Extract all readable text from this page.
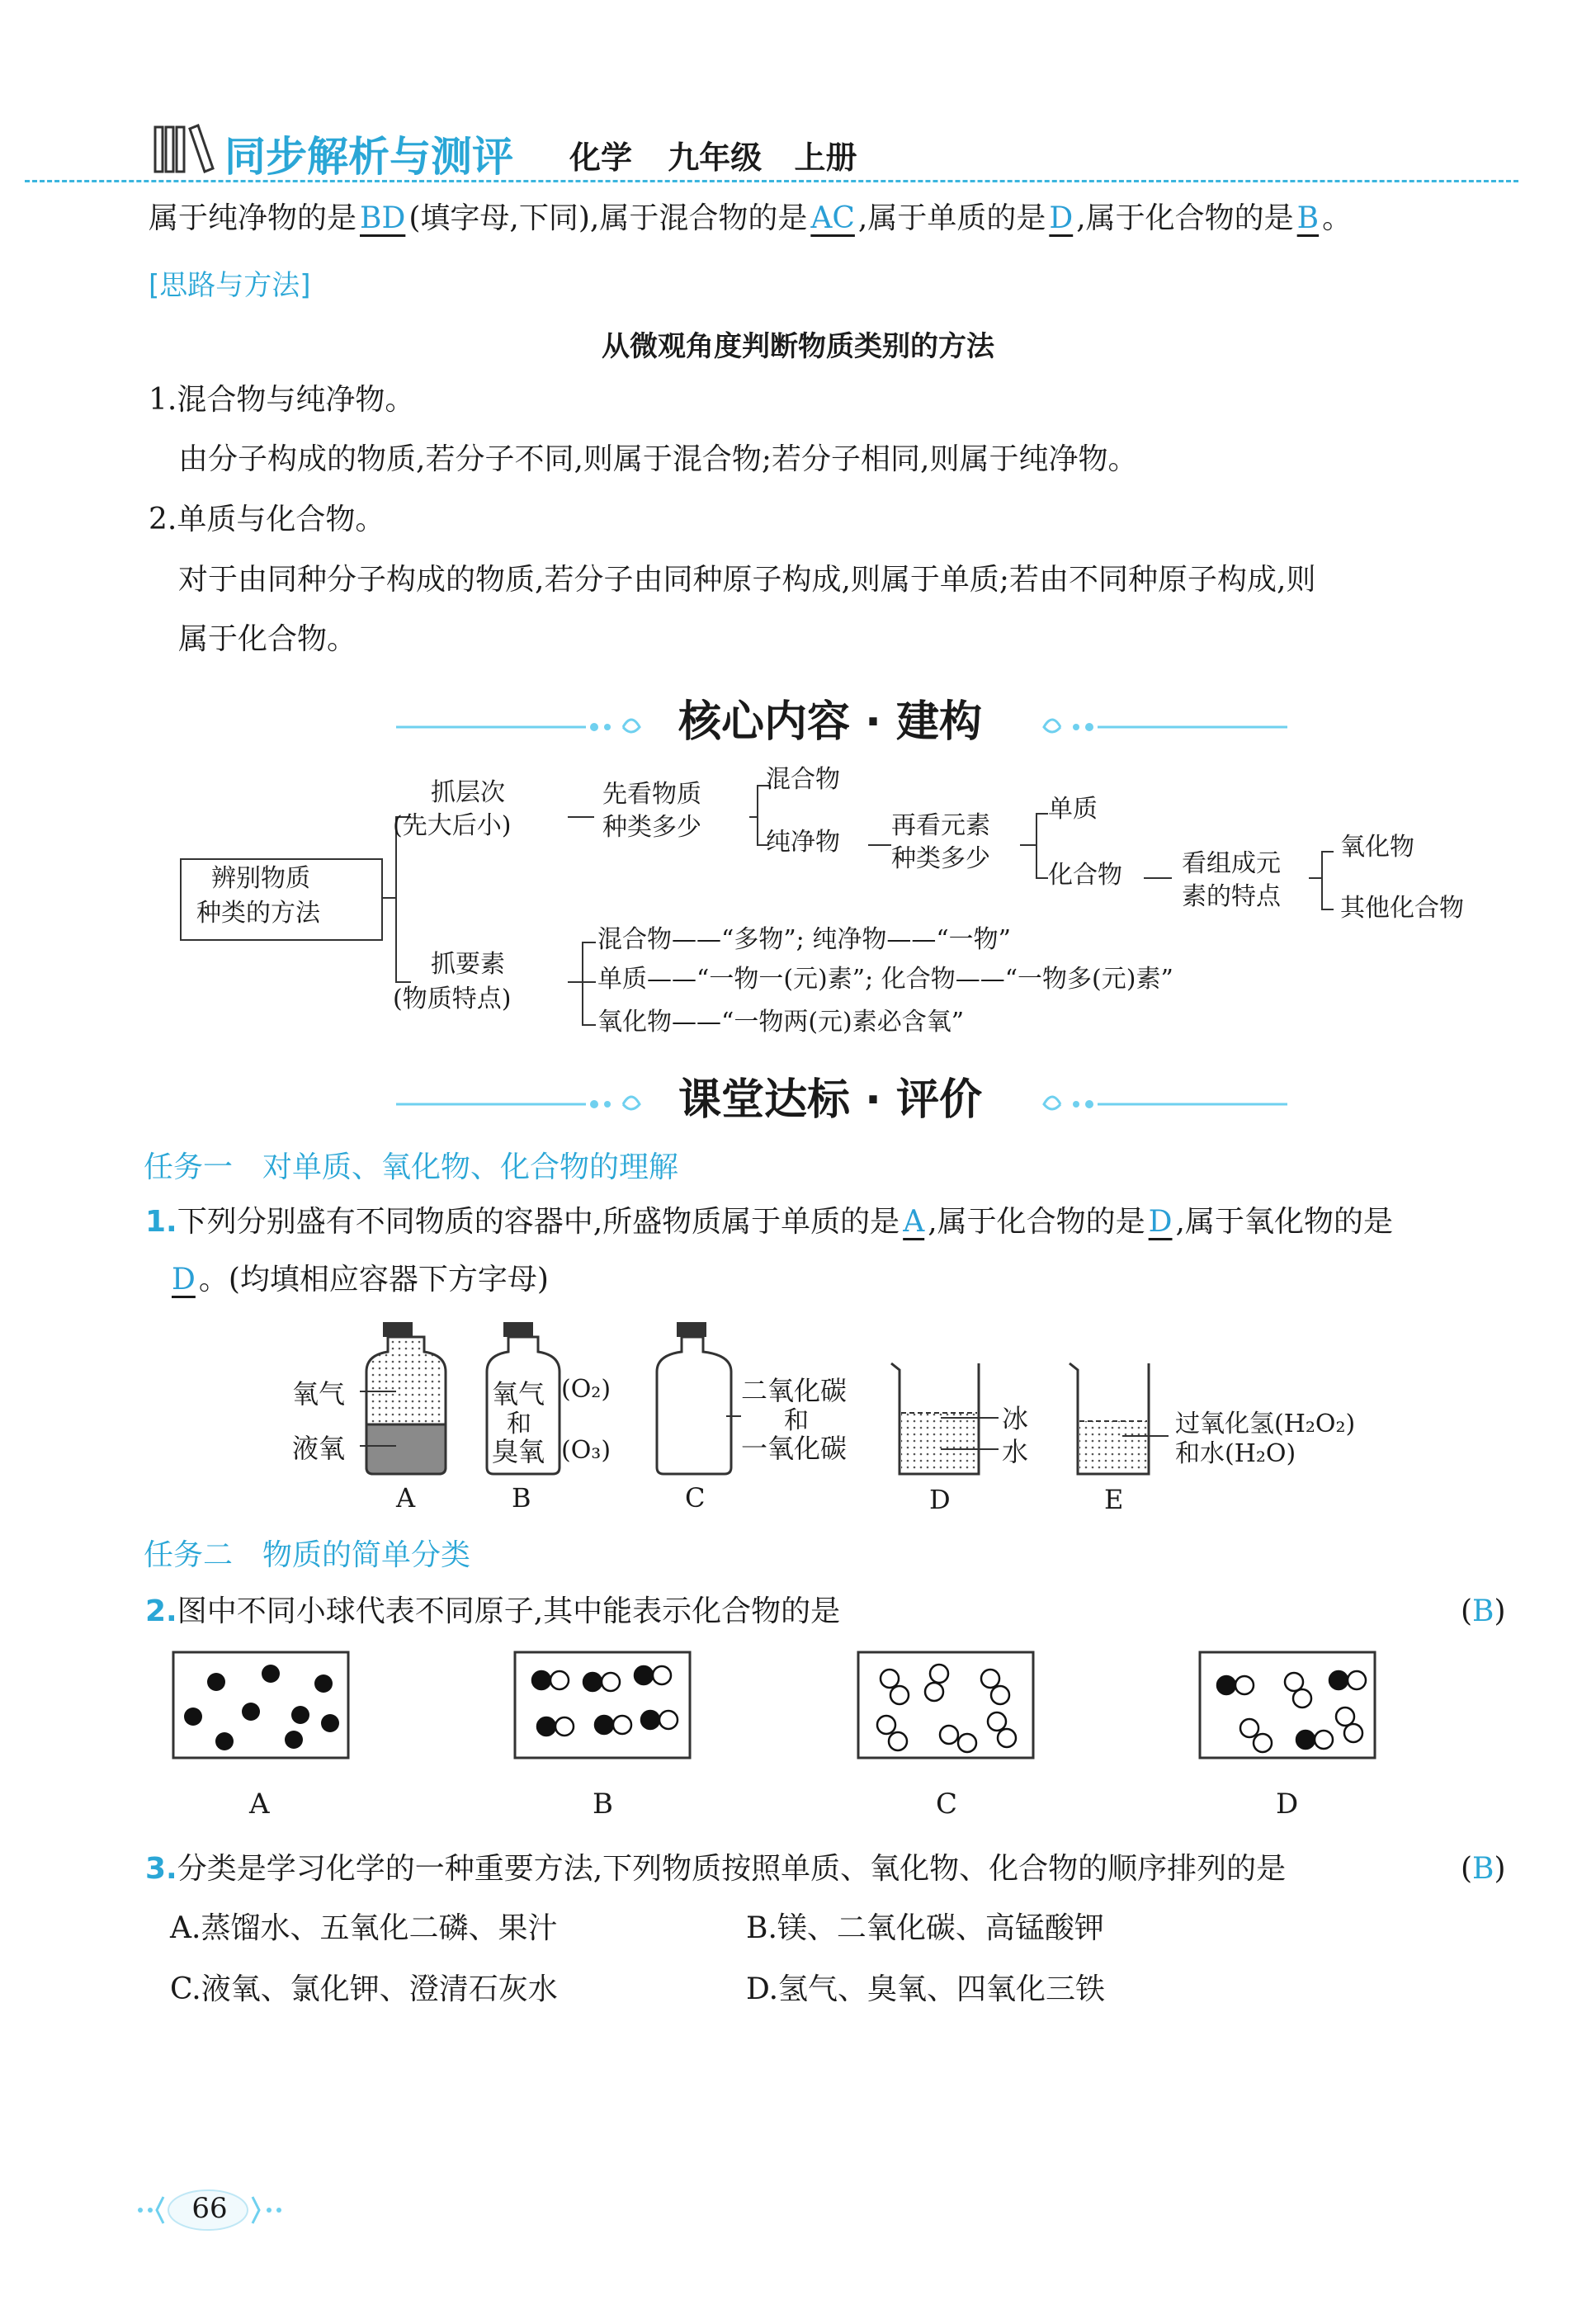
同步解析与测评 化学 九年级 上册
属于纯净物的是 BD (填字母,下同),属于混合物的是 AC ,属于单质的是 D ,属于化合物的是 B 。
[思路与方法]
从微观角度判断物质类别的方法
1.混合物与纯净物。
由分子构成的物质,若分子不同,则属于混合物;若分子相同,则属于纯净物。
2.单质与化合物。
对于由同种分子构成的物质,若分子由同种原子构成,则属于单质;若由不同种原子构成,则
属于化合物。
核心内容 · 建构
辨别物质
种类的方法
抓层次
(先大后小)
先看物质
种类多少
混合物
纯净物
再看元素
种类多少
单质
化合物 看组成元
素的特点
氧化物
其他化合物
抓要素
(物质特点)
混合物——“多物”; 纯净物——“一物”
单质——“一物一(元)素”; 化合物——“一物多(元)素”
氧化物——“一物两(元)素必含氧”
课堂达标 · 评价
任务一　对单质、氧化物、化合物的理解
1.下列分别盛有不同物质的容器中,所盛物质属于单质的是 A ,属于化合物的是 D ,属于氧化物的是
D 。(均填相应容器下方字母)
氧气
液氧
A
氧气
和
臭氧
(O₂)
(O₃)
B
二氧化碳
和
一氧化碳
C
冰
水
D
过氧化氢(H₂O₂)
和水(H₂O)
E
任务二　物质的简单分类
2.图中不同小球代表不同原子,其中能表示化合物的是	(B)
A	B	C	D
3.分类是学习化学的一种重要方法,下列物质按照单质、氧化物、化合物的顺序排列的是	(B)
A.蒸馏水、五氧化二磷、果汁	B.镁、二氧化碳、高锰酸钾
C.液氧、氯化钾、澄清石灰水	D.氢气、臭氧、四氧化三铁
66
